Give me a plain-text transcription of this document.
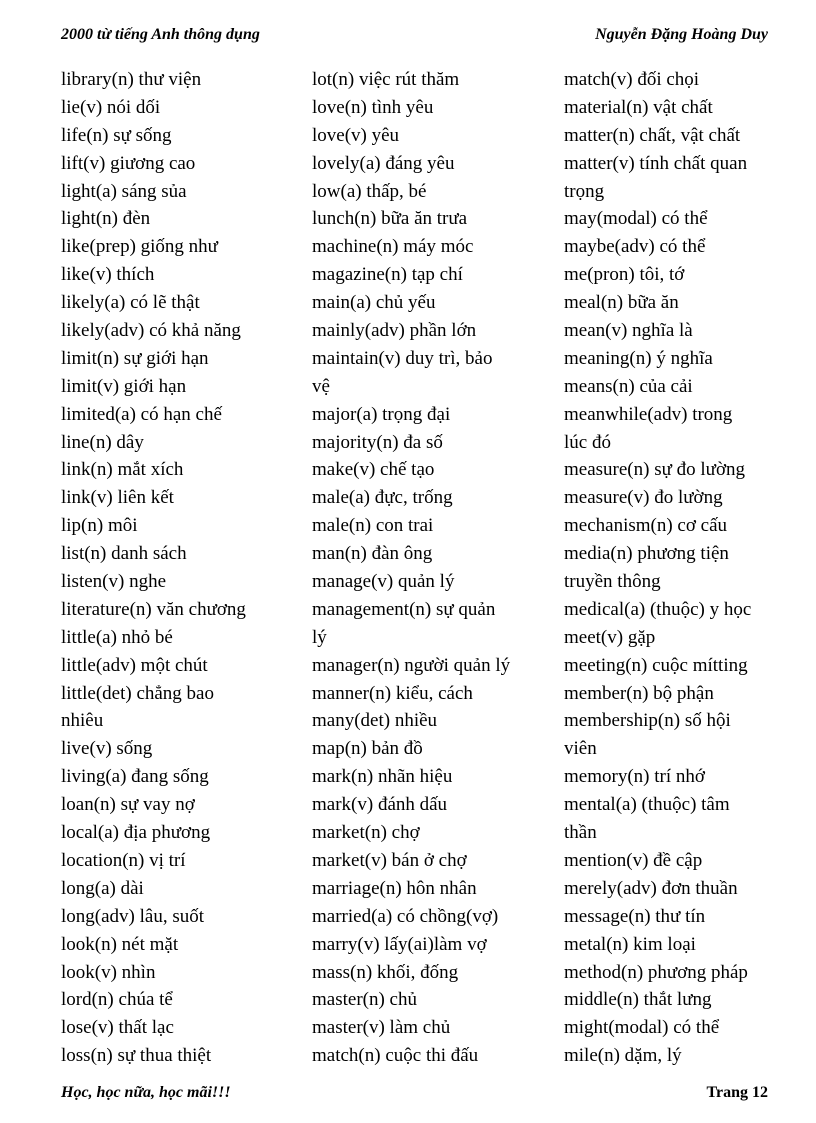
2000 từ tiếng Anh thông dụng	Nguyễn Đặng Hoàng Duy
library(n) thư viện
lie(v) nói dối
life(n) sự sống
lift(v) giương cao
light(a) sáng sủa
light(n) đèn
like(prep) giống như
like(v) thích
likely(a) có lẽ thật
likely(adv) có khả năng
limit(n) sự giới hạn
limit(v) giới hạn
limited(a) có hạn chế
line(n) dây
link(n) mắt xích
link(v) liên kết
lip(n) môi
list(n) danh sách
listen(v) nghe
literature(n) văn chương
little(a) nhỏ bé
little(adv) một chút
little(det) chẳng bao
nhiêu
live(v) sống
living(a) đang sống
loan(n) sự vay nợ
local(a) địa phương
location(n) vị trí
long(a) dài
long(adv) lâu, suốt
look(n) nét mặt
look(v) nhìn
lord(n) chúa tể
lose(v) thất lạc
loss(n) sự thua thiệt
lot(n) việc rút thăm
love(n) tình yêu
love(v) yêu
lovely(a) đáng yêu
low(a) thấp, bé
lunch(n) bữa ăn trưa
machine(n) máy móc
magazine(n) tạp chí
main(a) chủ yếu
mainly(adv) phần lớn
maintain(v) duy trì, bảo
vệ
major(a) trọng đại
majority(n) đa số
make(v) chế tạo
male(a) đực, trống
male(n) con trai
man(n) đàn ông
manage(v) quản lý
management(n) sự quản
lý
manager(n) người quản lý
manner(n) kiểu, cách
many(det) nhiều
map(n) bản đồ
mark(n) nhãn hiệu
mark(v) đánh dấu
market(n) chợ
market(v) bán ở chợ
marriage(n) hôn nhân
married(a) có chồng(vợ)
marry(v) lấy(ai)làm vợ
mass(n) khối, đống
master(n) chủ
master(v) làm chủ
match(n) cuộc thi đấu
match(v) đối chọi
material(n) vật chất
matter(n) chất, vật chất
matter(v) tính chất quan
trọng
may(modal) có thể
maybe(adv) có thể
me(pron) tôi, tớ
meal(n) bữa ăn
mean(v) nghĩa là
meaning(n) ý nghĩa
means(n) của cải
meanwhile(adv) trong
lúc đó
measure(n) sự đo lường
measure(v) đo lường
mechanism(n) cơ cấu
media(n) phương tiện
truyền thông
medical(a) (thuộc) y học
meet(v) gặp
meeting(n) cuộc mítting
member(n) bộ phận
membership(n) số hội
viên
memory(n) trí nhớ
mental(a) (thuộc) tâm
thần
mention(v) đề cập
merely(adv) đơn thuần
message(n) thư tín
metal(n) kim loại
method(n) phương pháp
middle(n) thắt lưng
might(modal) có thể
mile(n) dặm, lý
Học, học nữa, học mãi!!!	Trang 12
